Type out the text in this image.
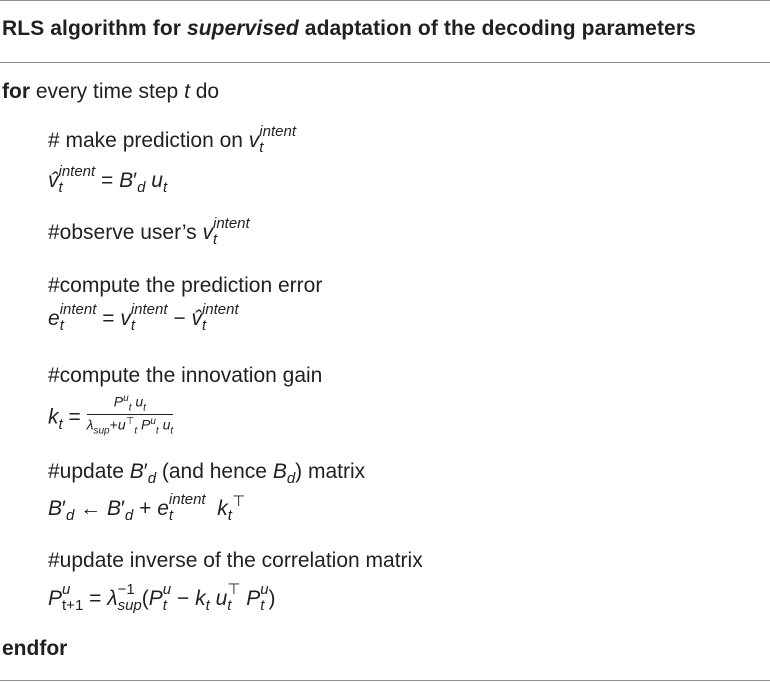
RLS algorithm for supervised adaptation of the decoding parameters
for every time step t do
# make prediction on v intent
t
v̂ intent
t	= $B'_d$ $u_t$
#observe user’s v intent
t
#compute the prediction error
e intent
t	= v intent
t	− v̂ intent
t
#compute the innovation gain
$k_t = \frac{P^u_t u_t}{\lambda_{sup}+u^⊤_t P^u_t u_t}$
#update $B'_d$ (and hence $B_d$) matrix
$B'_d$ ← $B'_d + e$ intent
t	$k_t^⊤$
#update inverse of the correlation matrix
P u
t+1 = λ −1
sup (P u
$t - k_t$ u ⊤
t P u
t )
endfor
